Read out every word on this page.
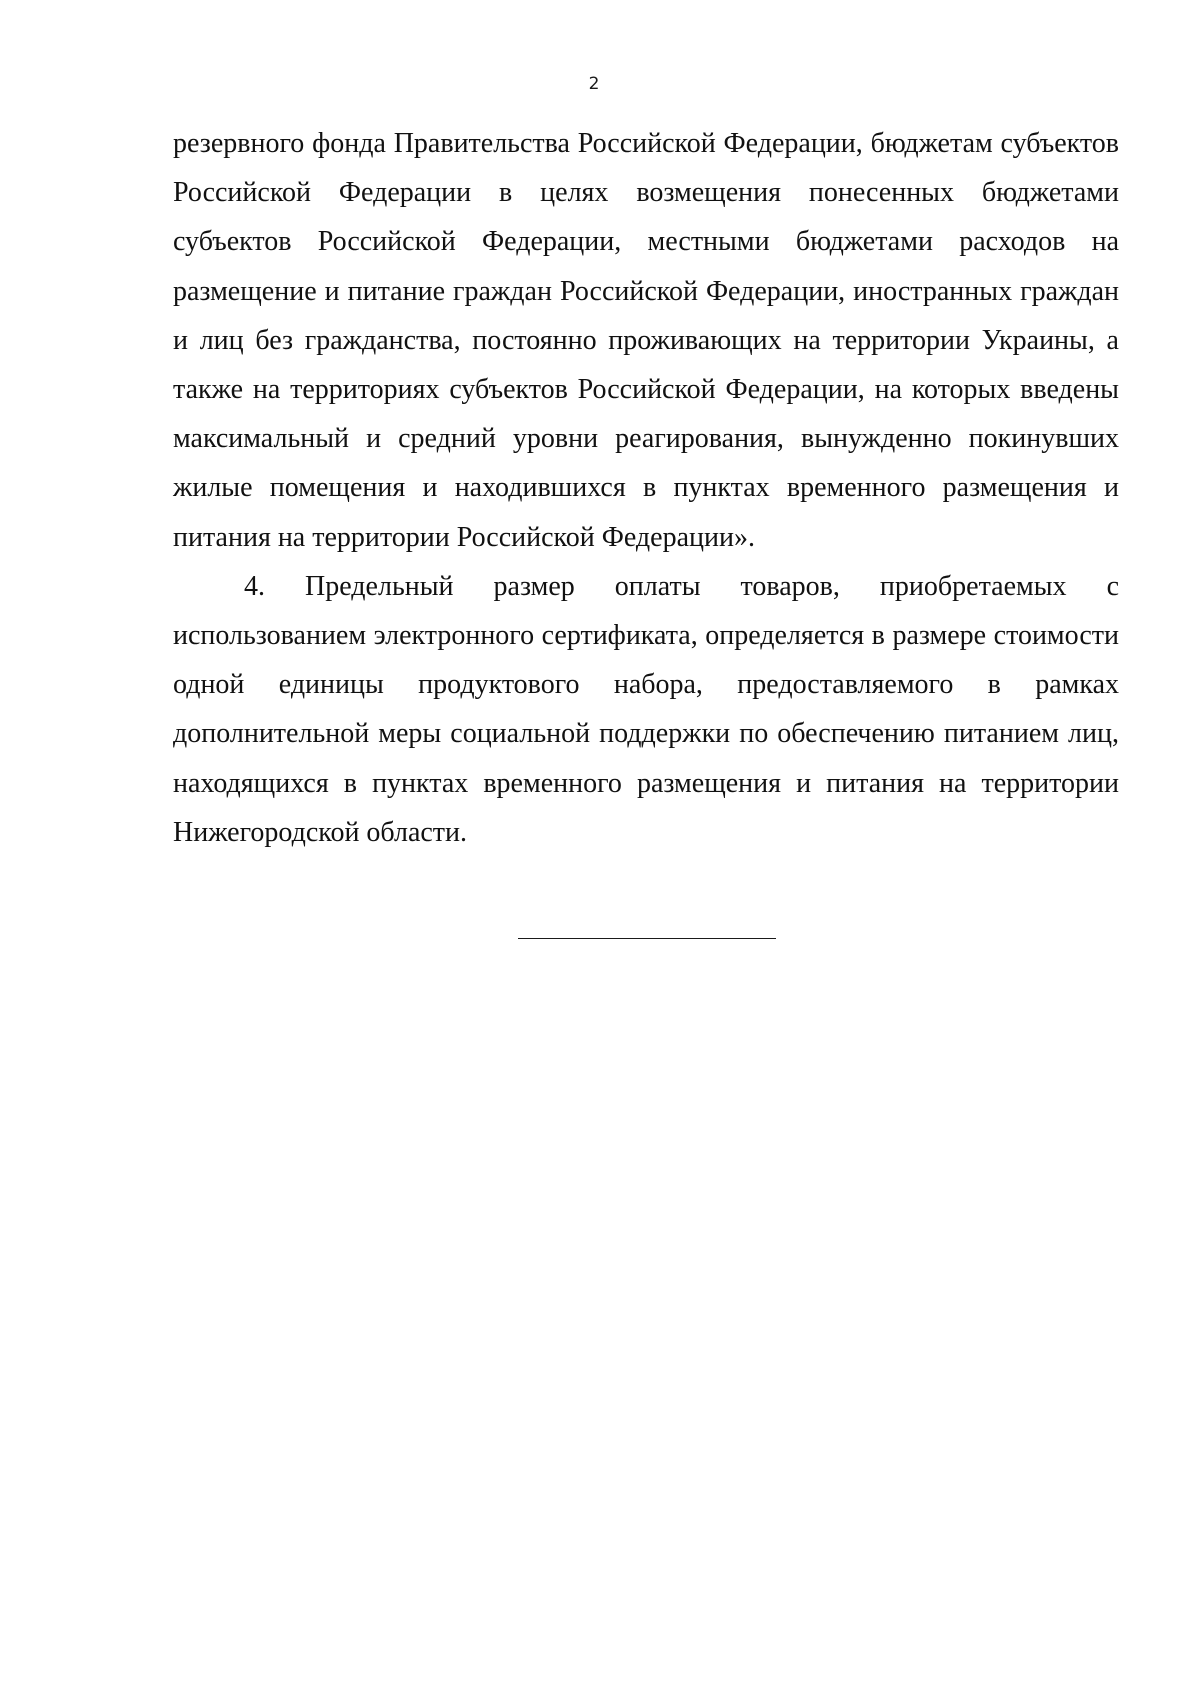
2

резервного фонда Правительства Российской Федерации, бюджетам субъектов Российской Федерации в целях возмещения понесенных бюджетами субъектов Российской Федерации, местными бюджетами расходов на размещение и питание граждан Российской Федерации, иностранных граждан и лиц без гражданства, постоянно проживающих на территории Украины, а также на территориях субъектов Российской Федерации, на которых введены максимальный и средний уровни реагирования, вынужденно покинувших жилые помещения и находившихся в пунктах временного размещения и питания на территории Российской Федерации».

4. Предельный размер оплаты товаров, приобретаемых с использованием электронного сертификата, определяется в размере стоимости одной единицы продуктового набора, предоставляемого в рамках дополнительной меры социальной поддержки по обеспечению питанием лиц, находящихся в пунктах временного размещения и питания на территории Нижегородской области.
